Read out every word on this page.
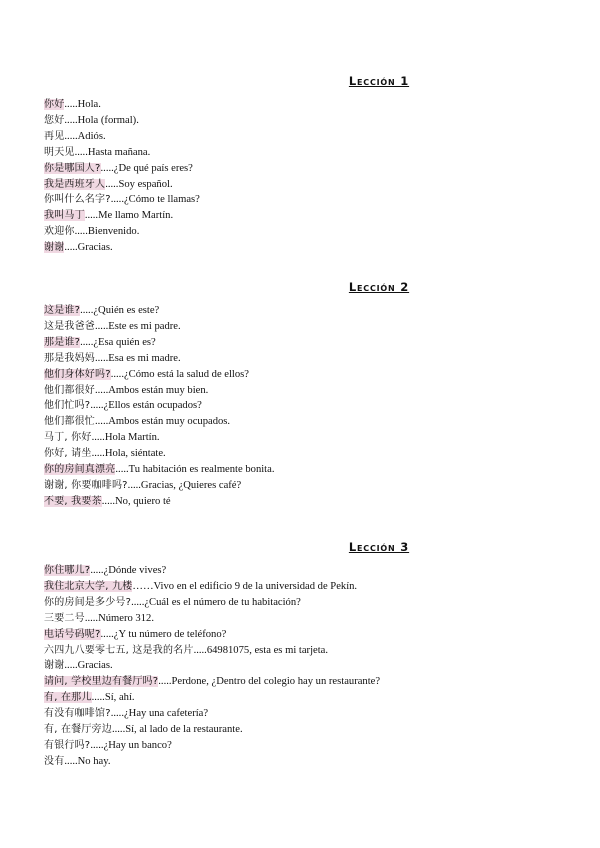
Lección 1
你好.....Hola.
您好.....Hola (formal).
再见.....Adiós.
明天见.....Hasta mañana.
你是哪国人?.....¿De qué país eres?
我是西班牙人.....Soy español.
你叫什么名字?.....¿Cómo te llamas?
我叫马丁.....Me llamo Martín.
欢迎你.....Bienvenido.
谢谢.....Gracias.
Lección 2
这是谁?.....¿Quién es este?
这是我爸爸.....Este es mi padre.
那是谁?.....¿Esa quién es?
那是我妈妈.....Esa es mi madre.
他们身体好吗?.....¿Cómo está la salud de ellos?
他们都很好.....Ambos están muy bien.
他们忙吗?.....¿Ellos están ocupados?
他们都很忙.....Ambos están muy ocupados.
马丁, 你好.....Hola Martín.
你好, 请坐.....Hola, siéntate.
你的房间真漂亮.....Tu habitación es realmente bonita.
谢谢, 你要咖啡吗?.....Gracias, ¿Quieres café?
不要, 我要茶.....No, quiero té
Lección 3
你住哪儿?.....¿Dónde vives?
我住北京大学, 九楼……Vivo en el edificio 9 de la universidad de Pekín.
你的房间是多少号?.....¿Cuál es el número de tu habitación?
三要二号.....Número 312.
电话号码呢?.....¿Y tu número de teléfono?
六四九八要零七五, 这是我的名片.....64981075, esta es mi tarjeta.
谢谢.....Gracias.
请问, 学校里边有餐厅吗?.....Perdone, ¿Dentro del colegio hay un restaurante?
有, 在那儿.....Sí, ahí.
有没有咖啡馆?.....¿Hay una cafetería?
有, 在餐厅旁边.....Sí, al lado de la restaurante.
有银行吗?.....¿Hay un banco?
没有.....No hay.
